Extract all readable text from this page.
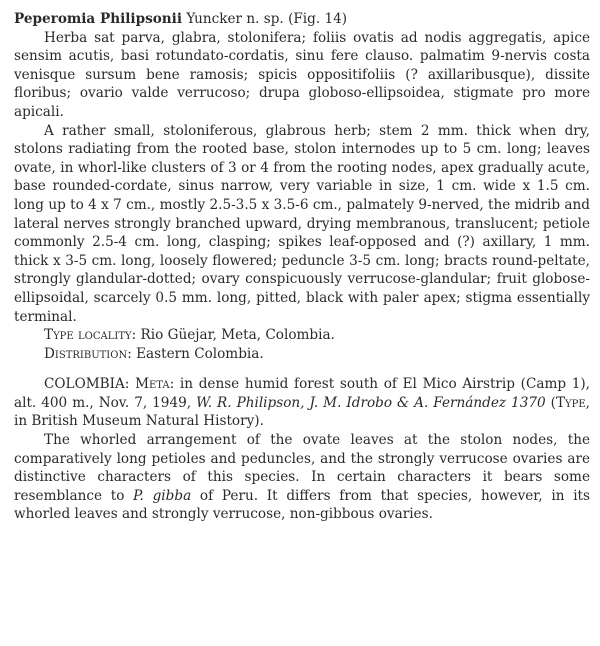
Peperomia Philipsonii Yuncker n. sp. (Fig. 14)

Herba sat parva, glabra, stolonifera; foliis ovatis ad nodis aggregatis, apice sensim acutis, basi rotundato-cordatis, sinu fere clauso. palmatim 9-nervis costa venisque sursum bene ramosis; spicis oppositifoliis (? axillaribusque), dissite floribus; ovario valde verrucoso; drupa globoso-ellipsoidea, stigmate pro more apicali.

A rather small, stoloniferous, glabrous herb; stem 2 mm. thick when dry, stolons radiating from the rooted base, stolon internodes up to 5 cm. long; leaves ovate, in whorl-like clusters of 3 or 4 from the rooting nodes, apex gradually acute, base rounded-cordate, sinus narrow, very variable in size, 1 cm. wide x 1.5 cm. long up to 4 x 7 cm., mostly 2.5-3.5 x 3.5-6 cm., palmately 9-nerved, the midrib and lateral nerves strongly branched upward, drying membranous, translucent; petiole commonly 2.5-4 cm. long, clasping; spikes leaf-opposed and (?) axillary, 1 mm. thick x 3-5 cm. long, loosely flowered; peduncle 3-5 cm. long; bracts round-peltate, strongly glandular-dotted; ovary conspicuously verrucose-glandular; fruit globose-ellipsoidal, scarcely 0.5 mm. long, pitted, black with paler apex; stigma essentially terminal.

Type locality: Rio Güejar, Meta, Colombia.

Distribution: Eastern Colombia.

COLOMBIA: Meta: in dense humid forest south of El Mico Airstrip (Camp 1), alt. 400 m., Nov. 7, 1949, W. R. Philipson, J. M. Idrobo & A. Fernández 1370 (Type, in British Museum Natural History).

The whorled arrangement of the ovate leaves at the stolon nodes, the comparatively long petioles and peduncles, and the strongly verrucose ovaries are distinctive characters of this species. In certain characters it bears some resemblance to P. gibba of Peru. It differs from that species, however, in its whorled leaves and strongly verrucose, non-gibbous ovaries.
